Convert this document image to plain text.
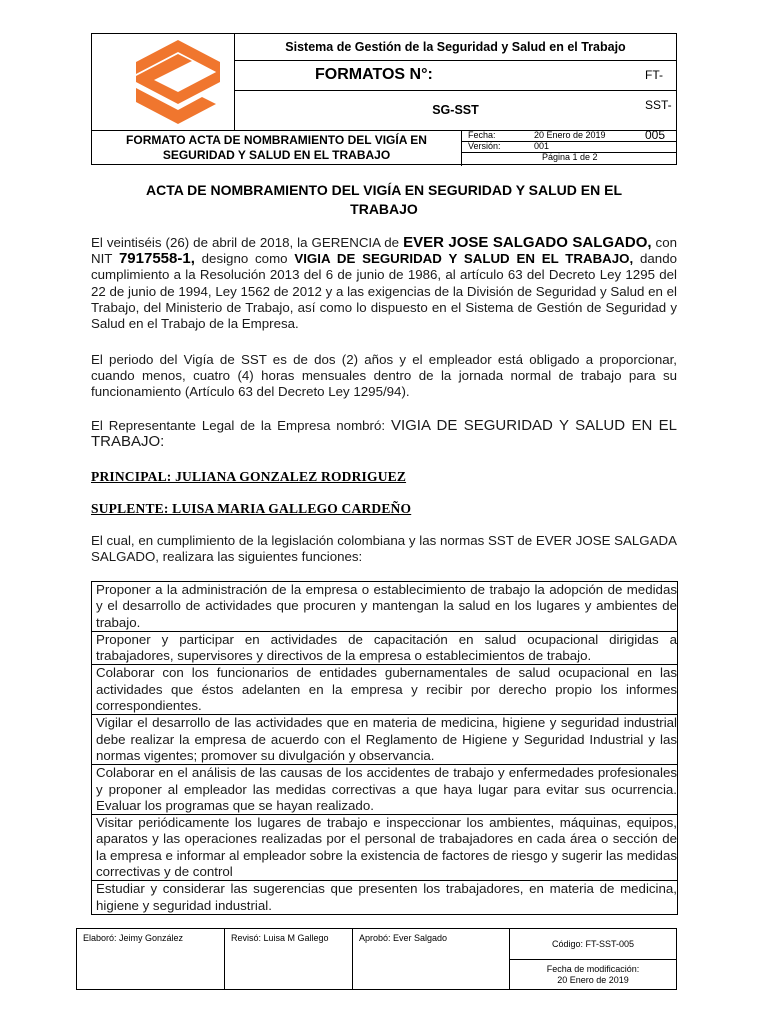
Sistema de Gestión de la Seguridad y Salud en el Trabajo
FORMATOS N°:	FT-SST-005
SG-SST
FORMATO ACTA DE NOMBRAMIENTO DEL VIGÍA EN
SEGURIDAD Y SALUD EN EL TRABAJO
Fecha:	20 Enero de 2019
Versión:	001
Página 1 de 2
ACTA DE NOMBRAMIENTO DEL VIGÍA EN SEGURIDAD Y SALUD EN EL
TRABAJO
El veintiséis (26) de abril de 2018, la GERENCIA de EVER JOSE SALGADO SALGADO, con NIT 7917558-1, designo como VIGIA DE SEGURIDAD Y SALUD EN EL TRABAJO, dando cumplimiento a la Resolución 2013 del 6 de junio de 1986, al artículo 63 del Decreto Ley 1295 del 22 de junio de 1994, Ley 1562 de 2012 y a las exigencias de la División de Seguridad y Salud en el Trabajo, del Ministerio de Trabajo, así como lo dispuesto en el Sistema de Gestión de Seguridad y Salud en el Trabajo de la Empresa.
El periodo del Vigía de SST es de dos (2) años y el empleador está obligado a proporcionar, cuando menos, cuatro (4) horas mensuales dentro de la jornada normal de trabajo para su funcionamiento (Artículo 63 del Decreto Ley 1295/94).
El Representante Legal de la Empresa nombró: VIGIA DE SEGURIDAD Y SALUD EN EL TRABAJO:
PRINCIPAL: JULIANA GONZALEZ RODRIGUEZ
SUPLENTE: LUISA MARIA GALLEGO CARDEÑO
El cual, en cumplimiento de la legislación colombiana y las normas SST de EVER JOSE SALGADA SALGADO, realizara las siguientes funciones:
Proponer a la administración de la empresa o establecimiento de trabajo la adopción de medidas y el desarrollo de actividades que procuren y mantengan la salud en los lugares y ambientes de trabajo.
Proponer y participar en actividades de capacitación en salud ocupacional dirigidas a trabajadores, supervisores y directivos de la empresa o establecimientos de trabajo.
Colaborar con los funcionarios de entidades gubernamentales de salud ocupacional en las actividades que éstos adelanten en la empresa y recibir por derecho propio los informes correspondientes.
Vigilar el desarrollo de las actividades que en materia de medicina, higiene y seguridad industrial debe realizar la empresa de acuerdo con el Reglamento de Higiene y Seguridad Industrial y las normas vigentes; promover su divulgación y observancia.
Colaborar en el análisis de las causas de los accidentes de trabajo y enfermedades profesionales y proponer al empleador las medidas correctivas a que haya lugar para evitar sus ocurrencia. Evaluar los programas que se hayan realizado.
Visitar periódicamente los lugares de trabajo e inspeccionar los ambientes, máquinas, equipos, aparatos y las operaciones realizadas por el personal de trabajadores en cada área o sección de la empresa e informar al empleador sobre la existencia de factores de riesgo y sugerir las medidas correctivas y de control
Estudiar y considerar las sugerencias que presenten los trabajadores, en materia de medicina, higiene y seguridad industrial.
Elaboró: Jeimy González	Revisó: Luisa M Gallego	Aprobó: Ever Salgado
Código: FT-SST-005
Fecha de modificación:
20 Enero de 2019
